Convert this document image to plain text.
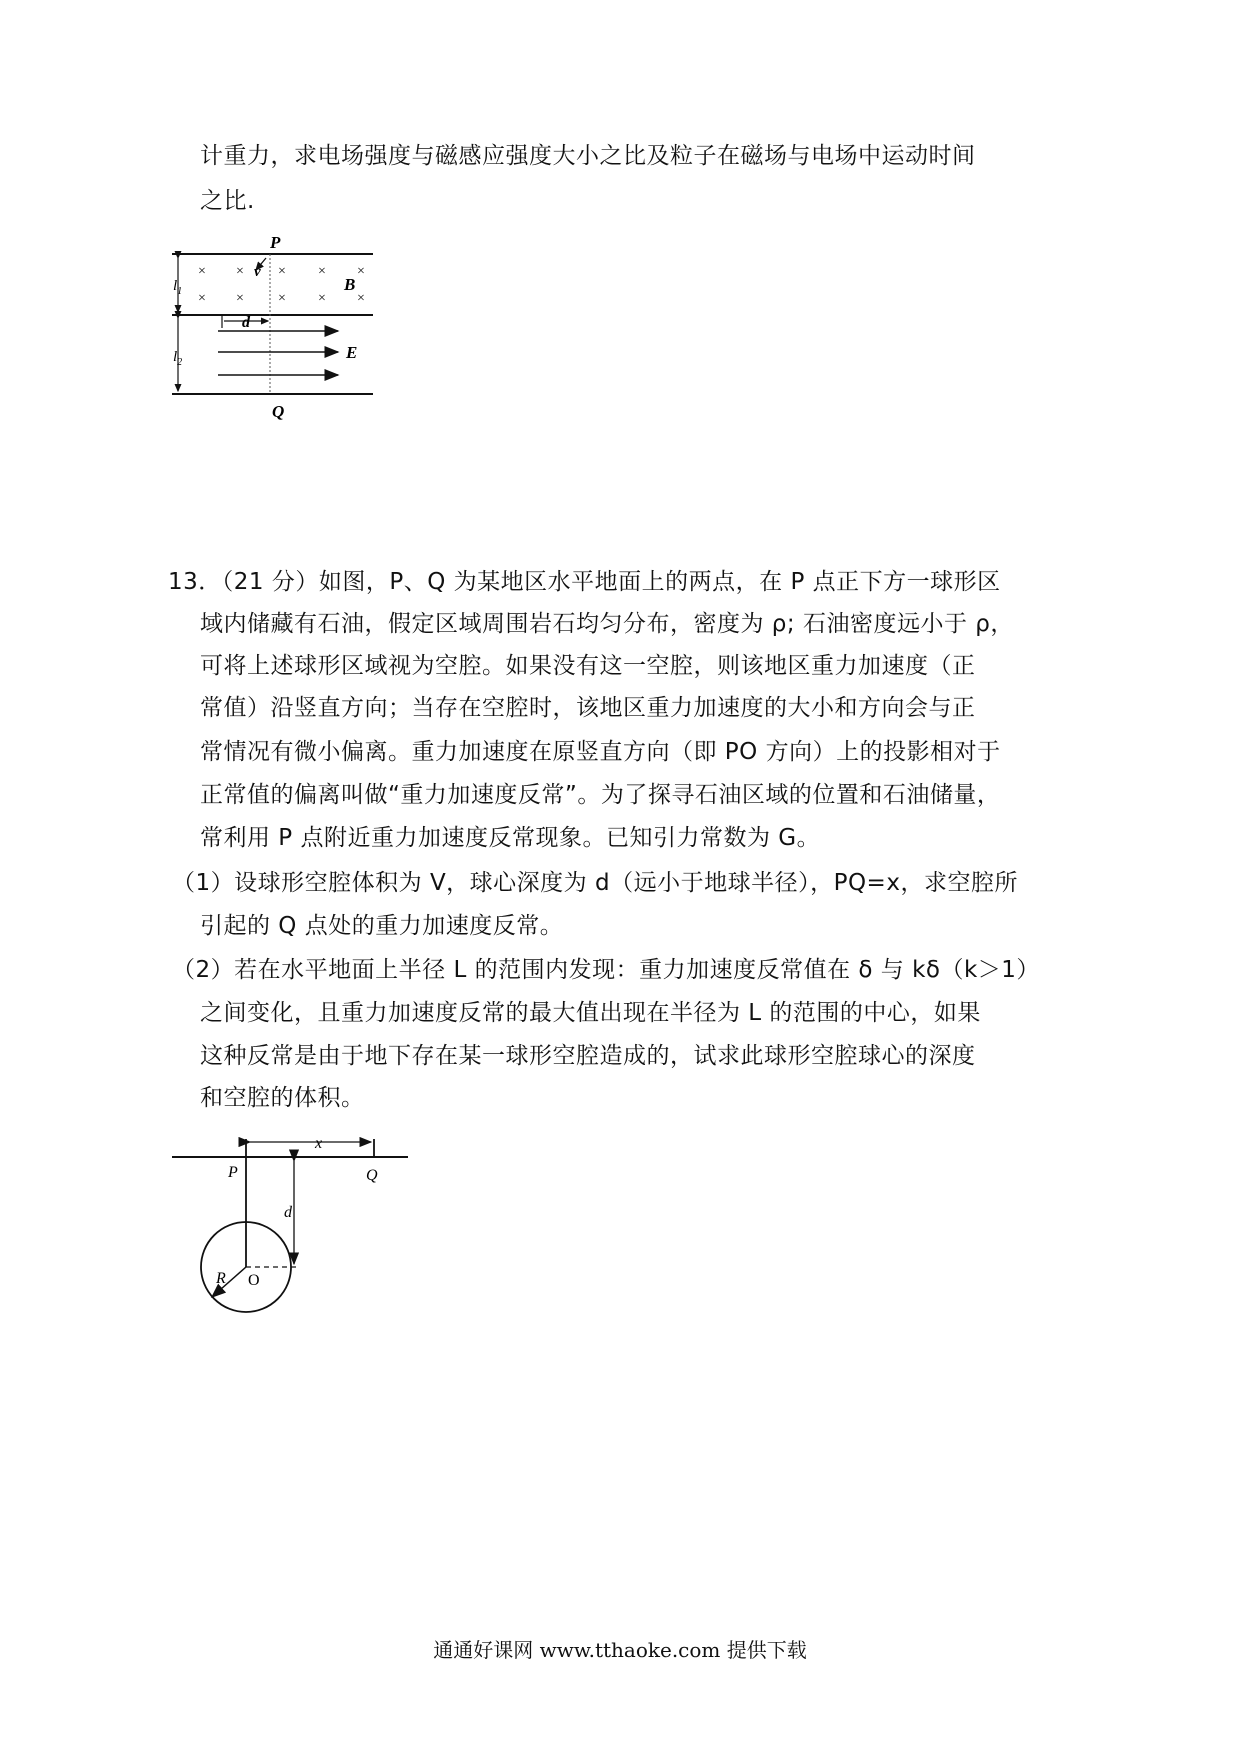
计重力，求电场强度与磁感应强度大小之比及粒子在磁场与电场中运动时间
之比.
P
Q
$l_1$
$l_2$
× × × × ×
× × × × ×
v
B
d
E
13．（21 分）如图，P、Q 为某地区水平地面上的两点，在 P 点正下方一球形区
域内储藏有石油，假定区域周围岩石均匀分布，密度为 ρ; 石油密度远小于 ρ，
可将上述球形区域视为空腔。如果没有这一空腔，则该地区重力加速度（正
常值）沿竖直方向；当存在空腔时，该地区重力加速度的大小和方向会与正
常情况有微小偏离。重力加速度在原竖直方向（即 PO 方向）上的投影相对于
正常值的偏离叫做“重力加速度反常”。为了探寻石油区域的位置和石油储量，
常利用 P 点附近重力加速度反常现象。已知引力常数为 G。
（1）设球形空腔体积为 V，球心深度为 d（远小于地球半径），PQ=x，求空腔所
引起的 Q 点处的重力加速度反常。
（2）若在水平地面上半径 L 的范围内发现：重力加速度反常值在 δ 与 kδ（k＞1）
之间变化，且重力加速度反常的最大值出现在半径为 L 的范围的中心，如果
这种反常是由于地下存在某一球形空腔造成的，试求此球形空腔球心的深度
和空腔的体积。
x
P	Q
d
R O
通通好课网 www.tthaoke.com 提供下载
